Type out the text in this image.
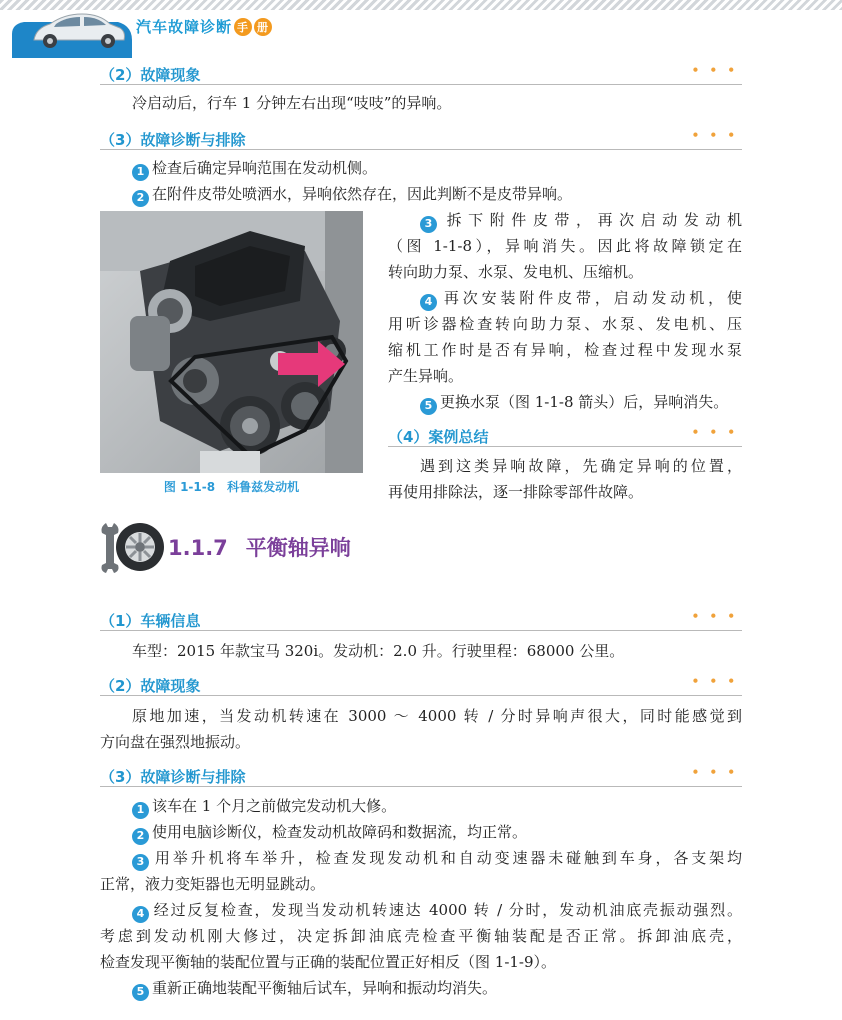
汽车故障诊断 手 册
（2）故障现象	• • •

冷启动后，行车 1 分钟左右出现“吱吱”的异响。

（3）故障诊断与排除	• • •

1 检查后确定异响范围在发动机侧。

2 在附件皮带处喷洒水，异响依然存在，因此判断不是皮带异响。

图 1-1-8　科鲁兹发动机

3 拆下附件皮带，再次启动发动机

（图 1-1-8），异响消失。因此将故障锁定在

转向助力泵、水泵、发电机、压缩机。

4 再次安装附件皮带，启动发动机，使

用听诊器检查转向助力泵、水泵、发电机、压

缩机工作时是否有异响，检查过程中发现水泵

产生异响。

5 更换水泵（图 1-1-8 箭头）后，异响消失。

（4）案例总结	• • •

遇到这类异响故障，先确定异响的位置，

再使用排除法，逐一排除零部件故障。

1.1.7 平衡轴异响
（1）车辆信息	• • •

车型：2015 年款宝马 320i。发动机：2.0 升。行驶里程：68000 公里。

（2）故障现象	• • •

原地加速，当发动机转速在 3000 ～ 4000 转 / 分时异响声很大，同时能感觉到

方向盘在强烈地振动。

（3）故障诊断与排除	• • •

1 该车在 1 个月之前做完发动机大修。

2 使用电脑诊断仪，检查发动机故障码和数据流，均正常。

3 用举升机将车举升，检查发现发动机和自动变速器未碰触到车身，各支架均

正常，液力变矩器也无明显跳动。

4 经过反复检查，发现当发动机转速达 4000 转 / 分时，发动机油底壳振动强烈。

考虑到发动机刚大修过，决定拆卸油底壳检查平衡轴装配是否正常。拆卸油底壳，

检查发现平衡轴的装配位置与正确的装配位置正好相反（图 1-1-9）。

5 重新正确地装配平衡轴后试车，异响和振动均消失。
